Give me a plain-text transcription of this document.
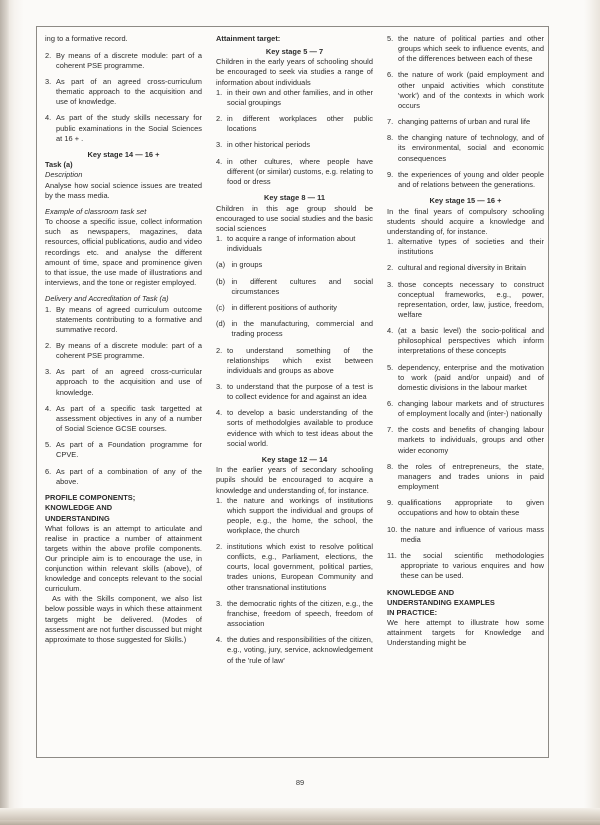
ing to a formative record.

2. By means of a discrete module: part of a coherent PSE programme.
3. As part of an agreed cross-curriculum thematic approach to the acquisition and use of knowledge.
4. As part of the study skills necessary for public examinations in the Social Sciences at 16 + .

Key stage 14 — 16 +

Task (a)

Description

Analyse how social science issues are treated by the mass media.

Example of classroom task set

To choose a specific issue, collect information such as newspapers, magazines, data resources, official publications, audio and video recordings etc. and analyse the different amount of time, space and prominence given to that issue, the use made of illustrations and interviews, and the tone or register employed.

Delivery and Accreditation of Task (a)

1. By means of agreed curriculum outcome statements contributing to a formative and summative record.
2. By means of a discrete module: part of a coherent PSE programme.
3. As part of an agreed cross-curricular approach to the acquisition and use of knowledge.
4. As part of a specific task targetted at assessment objectives in any of a number of Social Science GCSE courses.
5. As part of a Foundation programme for CPVE.
6. As part of a combination of any of the above.
PROFILE COMPONENTS;
KNOWLEDGE AND
UNDERSTANDING

What follows is an attempt to articulate and realise in practice a number of attainment targets within the above profile components. Our principle aim is to encourage the use, in conjunction within relevant skills (above), of knowledge and concepts relevant to the social curriculum.

As with the Skills component, we also list below possible ways in which these attainment targets might be delivered. (Modes of assessment are not further discussed but might approximate to those suggested for Skills.)

Attainment target:

Key stage 5 — 7

Children in the early years of schooling should be encouraged to seek via studies a range of information about individuals

1. in their own and other families, and in other social groupings
2. in different workplaces other public locations
3. in other historical periods
4. in other cultures, where people have different (or similar) customs, e.g. relating to food or dress

Key stage 8 — 11

Children in this age group should be encouraged to use social studies and the basic social sciences

1. to acquire a range of information about individuals
(a) in groups
(b) in different cultures and social circumstances
(c) in different positions of authority
(d) in the manufacturing, commercial and trading process
2. to understand something of the relationships which exist between individuals and groups as above
3. to understand that the purpose of a test is to collect evidence for and against an idea
4. to develop a basic understanding of the sorts of methodolgies available to produce evidence with which to test ideas about the social world.

Key stage 12 — 14

In the earlier years of secondary schooling pupils should be encouraged to acquire a knowledge and understanding of, for instance.

1. the nature and workings of institutions which support the individual and groups of people, e.g., the home, the school, the workplace, the church
2. institutions which exist to resolve political conflicts, e.g., Parliament, elections, the courts, local government, political parties, trades unions, European Community and other transnational institutions
3. the democratic rights of the citizen, e.g., the franchise, freedom of speech, freedom of association
4. the duties and responsibilities of the citizen, e.g., voting, jury, service, acknowledgement of the 'rule of law'
5. the nature of political parties and other groups which seek to influence events, and of the differences between each of these
6. the nature of work (paid employment and other unpaid activities which constitute 'work') and of the contexts in which work occurs
7. changing patterns of urban and rural life
8. the changing nature of technology, and of its environmental, social and economic consequences
9. the experiences of young and older people and of relations between the generations.

Key stage 15 — 16 +

In the final years of compulsory schooling students should acquire a knowledge and understanding of, for instance.

1. alternative types of societies and their institutions
2. cultural and regional diversity in Britain
3. those concepts necessary to construct conceptual frameworks, e.g., power, representation, order, law, justice, freedom, welfare
4. (at a basic level) the socio-political and philosophical perspectives which inform interpretations of these concepts
5. dependency, enterprise and the motivation to work (paid and/or unpaid) and of domestic divisions in the labour market
6. changing labour markets and of structures of employment locally and (inter-) nationally
7. the costs and benefits of changing labour markets to individuals, groups and other wider economy
8. the roles of entrepreneurs, the state, managers and trades unions in paid employment
9. qualifications appropriate to given occupations and how to obtain these
10. the nature and influence of various mass media
11. the social scientific methodologies appropriate to various enquires and how these can be used.
KNOWLEDGE AND
UNDERSTANDING EXAMPLES
IN PRACTICE:

We here attempt to illustrate how some attainment targets for Knowledge and Understanding might be

89
